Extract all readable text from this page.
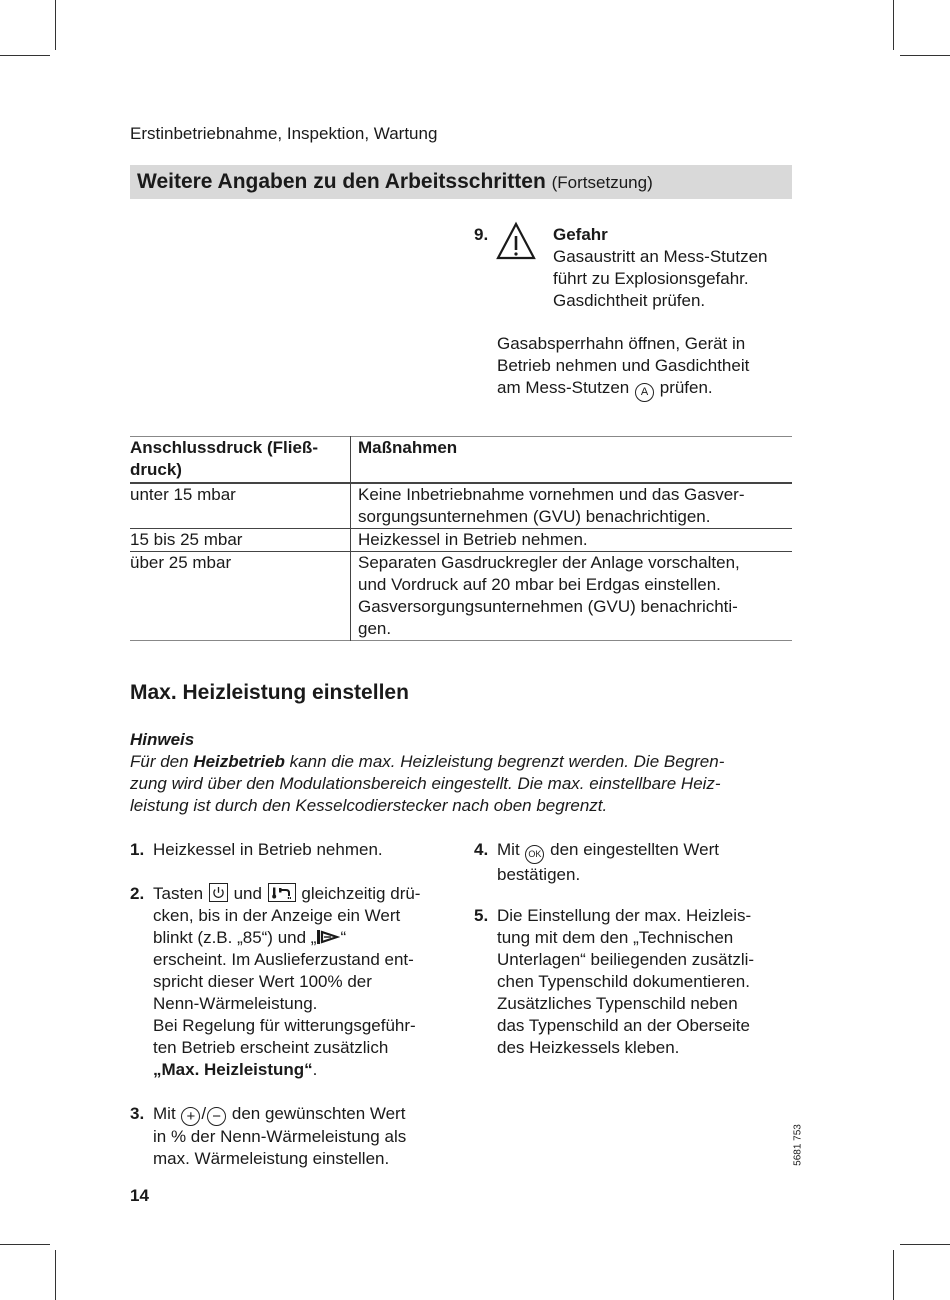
Erstinbetriebnahme, Inspektion, Wartung
Weitere Angaben zu den Arbeitsschritten (Fortsetzung)
9.	Gefahr
Gasaustritt an Mess-Stutzen
führt zu Explosionsgefahr.
Gasdichtheit prüfen.
Gasabsperrhahn öffnen, Gerät in
Betrieb nehmen und Gasdichtheit
am Mess-Stutzen A prüfen.
Anschlussdruck (Fließ-
druck)	Maßnahmen
unter 15 mbar	Keine Inbetriebnahme vornehmen und das Gasver-
sorgungsunternehmen (GVU) benachrichtigen.
15 bis 25 mbar	Heizkessel in Betrieb nehmen.
über 25 mbar	Separaten Gasdruckregler der Anlage vorschalten,
und Vordruck auf 20 mbar bei Erdgas einstellen.
Gasversorgungsunternehmen (GVU) benachrichti-
gen.
Max. Heizleistung einstellen
Hinweis
Für den Heizbetrieb kann die max. Heizleistung begrenzt werden. Die Begren-
zung wird über den Modulationsbereich eingestellt. Die max. einstellbare Heiz-
leistung ist durch den Kesselcodierstecker nach oben begrenzt.
1. Heizkessel in Betrieb nehmen.
2. Tasten und gleichzeitig drü-
cken, bis in der Anzeige ein Wert
blinkt (z.B. „85“) und „ “
erscheint. Im Auslieferzustand ent-
spricht dieser Wert 100% der
Nenn-Wärmeleistung.
Bei Regelung für witterungsgeführ-
ten Betrieb erscheint zusätzlich
„Max. Heizleistung“.
3. Mit + / − den gewünschten Wert
in % der Nenn-Wärmeleistung als
max. Wärmeleistung einstellen.
4. Mit OK den eingestellten Wert
bestätigen.
5. Die Einstellung der max. Heizleis-
tung mit dem den „Technischen
Unterlagen“ beiliegenden zusätzli-
chen Typenschild dokumentieren.
Zusätzliches Typenschild neben
das Typenschild an der Oberseite
des Heizkessels kleben.
5681 753
14
